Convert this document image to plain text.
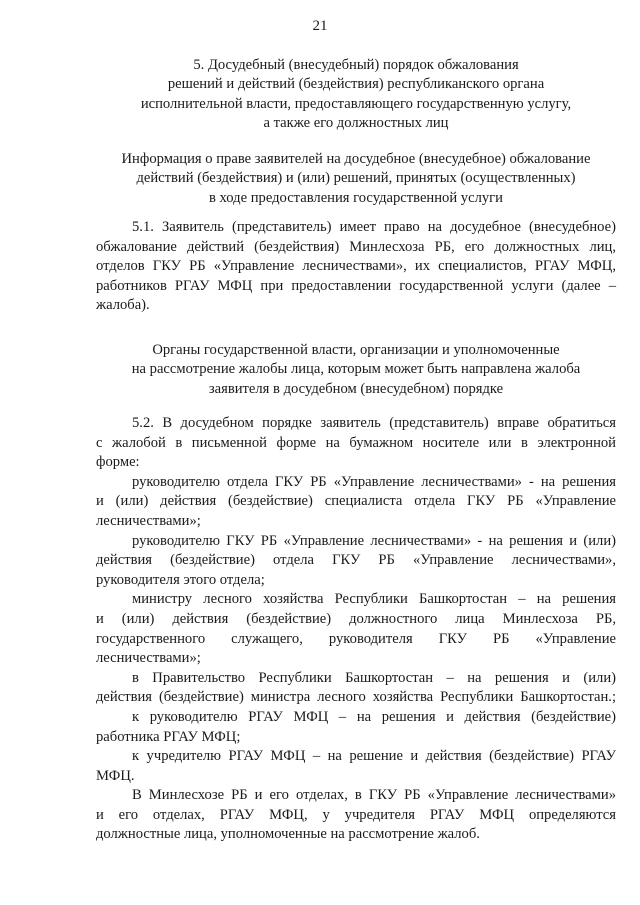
21
5. Досудебный (внесудебный) порядок обжалования
решений и действий (бездействия) республиканского органа
исполнительной власти, предоставляющего государственную услугу,
а также его должностных лиц
Информация о праве заявителей на досудебное (внесудебное) обжалование
действий (бездействия) и (или) решений, принятых (осуществленных)
в ходе предоставления государственной услуги
5.1. Заявитель (представитель) имеет право на досудебное (внесудебное)
обжалование действий (бездействия) Минлесхоза РБ, его должностных лиц,
отделов ГКУ РБ «Управление лесничествами», их специалистов, РГАУ МФЦ,
работников РГАУ МФЦ при предоставлении государственной услуги (далее –
жалоба).
Органы государственной власти, организации и уполномоченные
на рассмотрение жалобы лица, которым может быть направлена жалоба
заявителя в досудебном (внесудебном) порядке
5.2. В досудебном порядке заявитель (представитель) вправе обратиться
с жалобой в письменной форме на бумажном носителе или в электронной
форме:
руководителю отдела ГКУ РБ «Управление лесничествами» - на решения
и (или) действия (бездействие) специалиста отдела ГКУ РБ «Управление
лесничествами»;
руководителю ГКУ РБ «Управление лесничествами» - на решения и (или)
действия (бездействие) отдела ГКУ РБ «Управление лесничествами»,
руководителя этого отдела;
министру лесного хозяйства Республики Башкортостан – на решения
и (или) действия (бездействие) должностного лица Минлесхоза РБ,
государственного служащего, руководителя ГКУ РБ «Управление
лесничествами»;
в Правительство Республики Башкортостан – на решения и (или)
действия (бездействие) министра лесного хозяйства Республики Башкортостан.;
к руководителю РГАУ МФЦ – на решения и действия (бездействие)
работника РГАУ МФЦ;
к учредителю РГАУ МФЦ – на решение и действия (бездействие) РГАУ
МФЦ.
В Минлесхозе РБ и его отделах, в ГКУ РБ «Управление лесничествами»
и его отделах, РГАУ МФЦ, у учредителя РГАУ МФЦ определяются
должностные лица, уполномоченные на рассмотрение жалоб.
